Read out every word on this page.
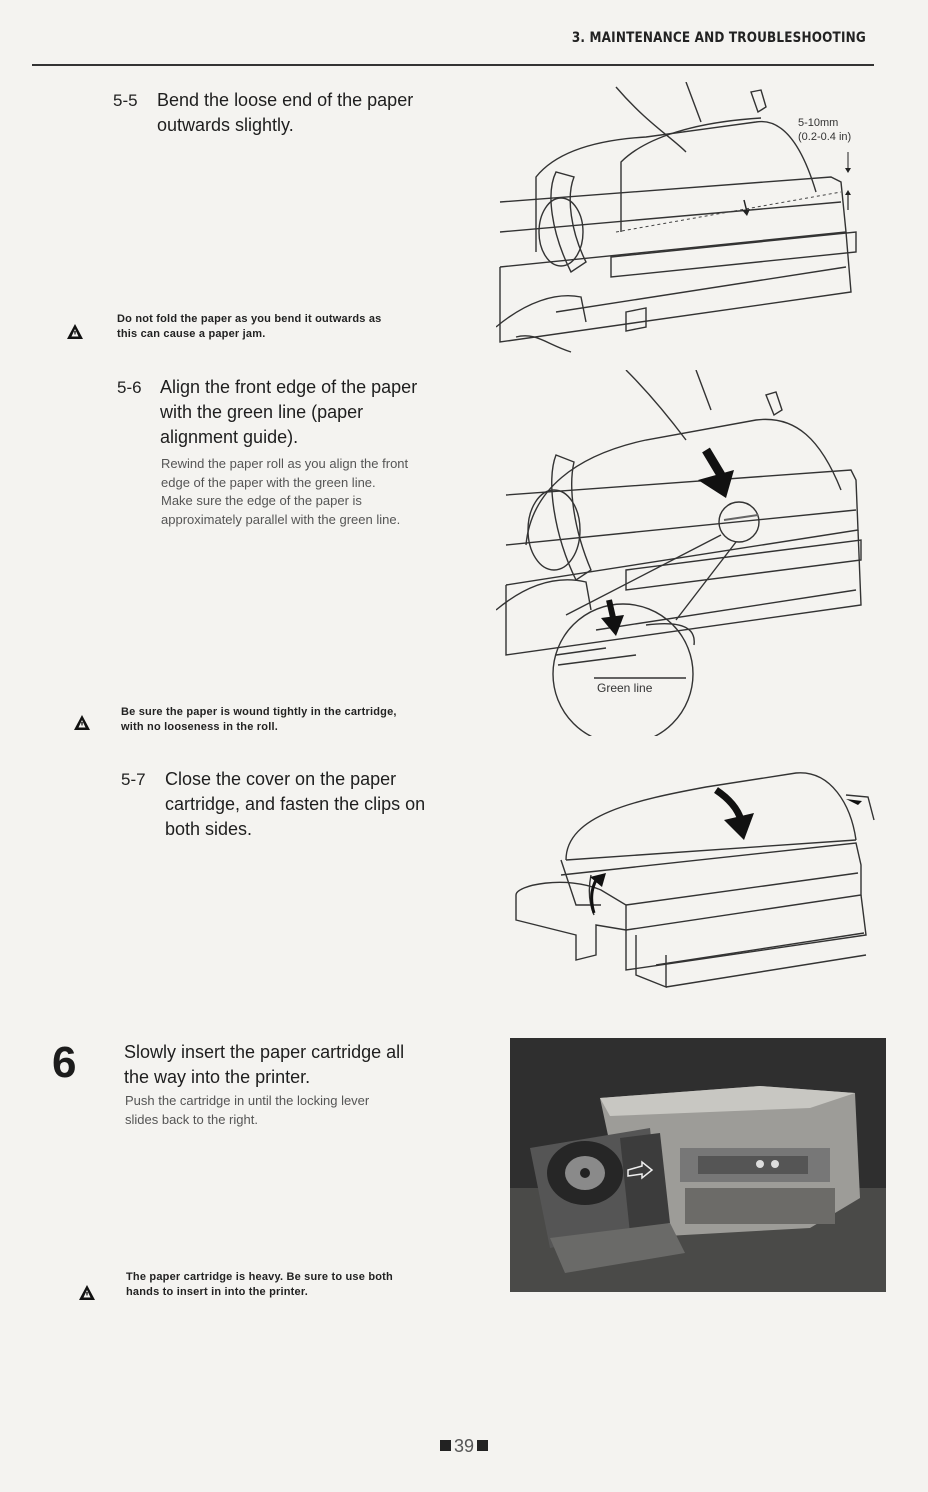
3. MAINTENANCE AND TROUBLESHOOTING
5-5 Bend the loose end of the paper
outwards slightly.
Do not fold the paper as you bend it outwards as
this can cause a paper jam.
5-6 Align the front edge of the paper
with the green line (paper
alignment guide).
Rewind the paper roll as you align the front
edge of the paper with the green line.
Make sure the edge of the paper is
approximately parallel with the green line.
Be sure the paper is wound tightly in the cartridge,
with no looseness in the roll.
5-7 Close the cover on the paper
cartridge, and fasten the clips on
both sides.
6	Slowly insert the paper cartridge all
the way into the printer.
Push the cartridge in until the locking lever
slides back to the right.
The paper cartridge is heavy. Be sure to use both
hands to insert in into the printer.
5-10mm
(0.2-0.4 in)
Green line
39
